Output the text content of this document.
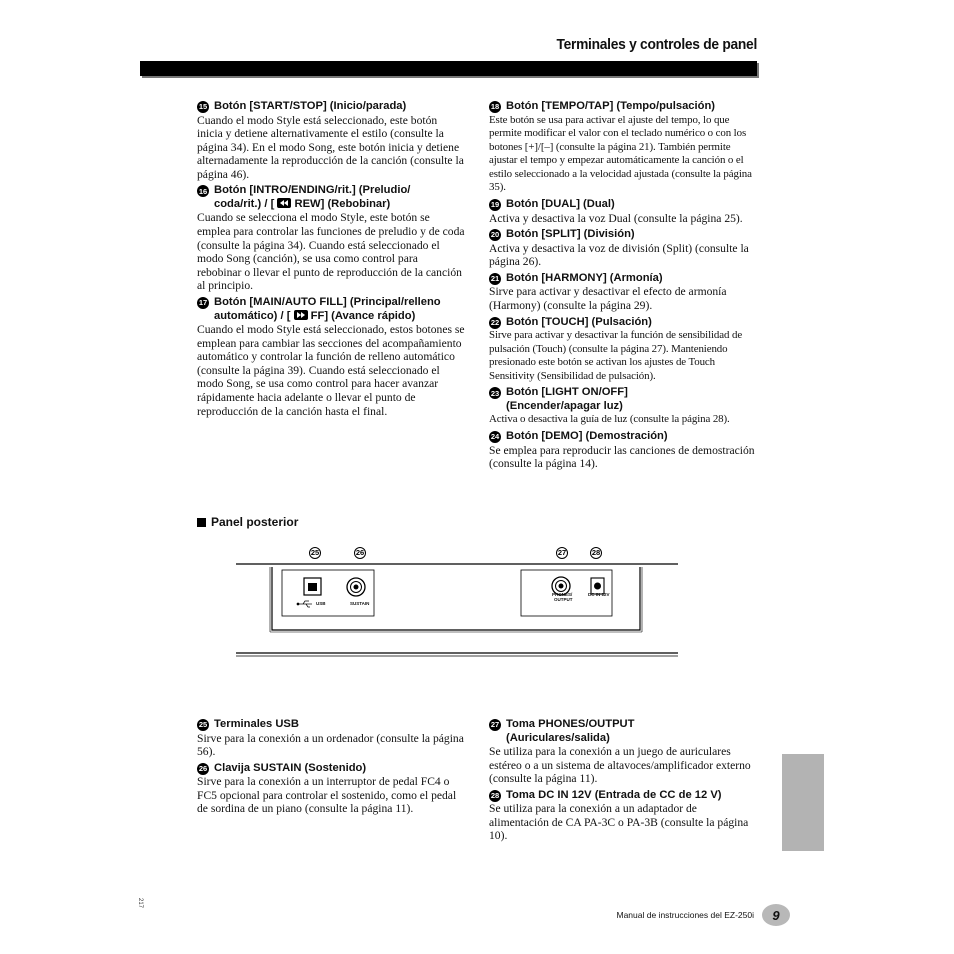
Terminales y controles de panel
15 Botón [START/STOP] (Inicio/parada)
Cuando el modo Style está seleccionado, este botón inicia y detiene alternativamente el estilo (consulte la página 34). En el modo Song, este botón inicia y detiene alternadamente la reproducción de la canción (consulte la página 46).
16 Botón [INTRO/ENDING/rit.] (Preludio/
coda/rit.) / [ REW] (Rebobinar)
Cuando se selecciona el modo Style, este botón se emplea para controlar las funciones de preludio y de coda (consulte la página 34). Cuando está seleccionado el modo Song (canción), se usa como control para rebobinar o llevar el punto de reproducción de la canción al principio.
17 Botón [MAIN/AUTO FILL] (Principal/relleno
automático) / [ FF] (Avance rápido)
Cuando el modo Style está seleccionado, estos botones se emplean para cambiar las secciones del acompañamiento automático y controlar la función de relleno automático (consulte la página 39). Cuando está seleccionado el modo Song, se usa como control para hacer avanzar rápidamente hacia adelante o llevar el punto de reproducción de la canción hasta el final.
18 Botón [TEMPO/TAP] (Tempo/pulsación)
Este botón se usa para activar el ajuste del tempo, lo que permite modificar el valor con el teclado numérico o con los botones [+]/[–] (consulte la página 21). También permite ajustar el tempo y empezar automáticamente la canción o el estilo seleccionado a la velocidad ajustada (consulte la página 35).
19 Botón [DUAL] (Dual)
Activa y desactiva la voz Dual (consulte la página 25).
20 Botón [SPLIT] (División)
Activa y desactiva la voz de división (Split) (consulte la página 26).
21 Botón [HARMONY] (Armonía)
Sirve para activar y desactivar el efecto de armonía (Harmony) (consulte la página 29).
22 Botón [TOUCH] (Pulsación)
Sirve para activar y desactivar la función de sensibilidad de pulsación (Touch) (consulte la página 27). Manteniendo presionado este botón se activan los ajustes de Touch Sensitivity (Sensibilidad de pulsación).
23 Botón [LIGHT ON/OFF]
(Encender/apagar luz)
Activa o desactiva la guía de luz (consulte la página 28).
24 Botón [DEMO] (Demostración)
Se emplea para reproducir las canciones de demostración (consulte la página 14).
Panel posterior
25	26	27	28
USB	SUSTAIN
PHONES/
OUTPUT
DC IN 12V
25 Terminales USB
Sirve para la conexión a un ordenador (consulte la página 56).
26 Clavija SUSTAIN (Sostenido)
Sirve para la conexión a un interruptor de pedal FC4 o FC5 opcional para controlar el sostenido, como el pedal de sordina de un piano (consulte la página 11).
27 Toma PHONES/OUTPUT
(Auriculares/salida)
Se utiliza para la conexión a un juego de auriculares estéreo o a un sistema de altavoces/amplificador externo (consulte la página 11).
28 Toma DC IN 12V (Entrada de CC de 12 V)
Se utiliza para la conexión a un adaptador de alimentación de CA PA-3C o PA-3B (consulte la página 10).
217
Manual de instrucciones del EZ-250i	9
